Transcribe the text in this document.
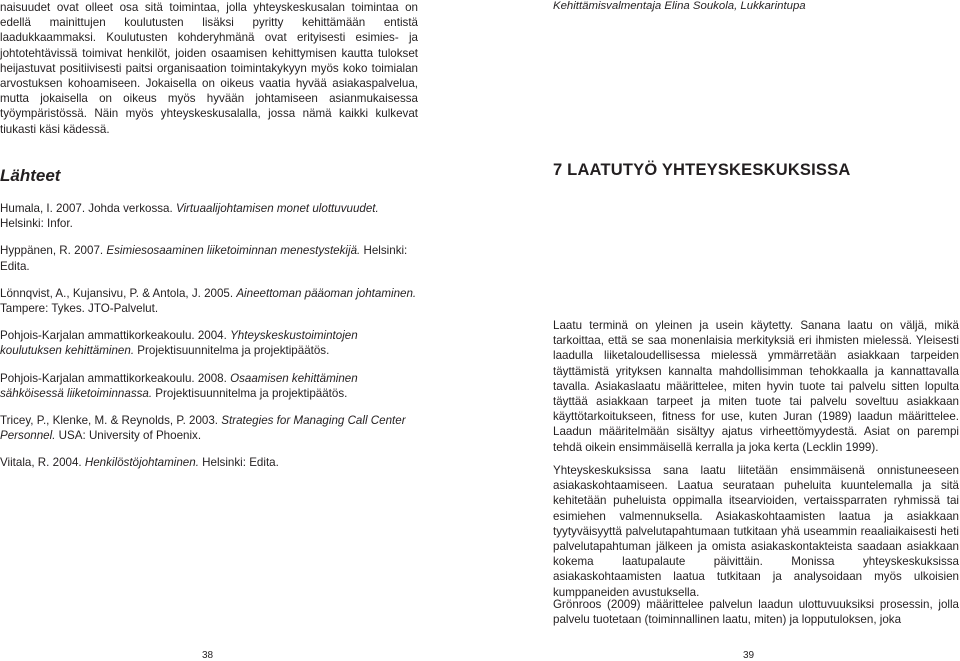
naisuudet ovat olleet osa sitä toimintaa, jolla yhteyskeskusalan toimintaa on edellä mainittujen koulutusten lisäksi pyritty kehittämään entistä laadukkaammaksi. Koulutusten kohderyhmänä ovat erityisesti esimies- ja johtotehtävissä toimivat henkilöt, joiden osaamisen kehittymisen kautta tulokset heijastuvat positiivisesti paitsi organisaation toimintakykyyn myös koko toimialan arvostuksen kohoamiseen. Jokaisella on oikeus vaatia hyvää asiakaspalvelua, mutta jokaisella on oikeus myös hyvään johtamiseen asianmukaisessa työympäristössä. Näin myös yhteyskeskusalalla, jossa nämä kaikki kulkevat tiukasti käsi kädessä.

Lähteet

Humala, I. 2007. Johda verkossa. Virtuaalijohtamisen monet ulottuvuudet. Helsinki: Infor.

Hyppänen, R. 2007. Esimiesosaaminen liiketoiminnan menestystekijä. Helsinki: Edita.

Lönnqvist, A., Kujansivu, P. & Antola, J. 2005. Aineettoman pääoman johtaminen. Tampere: Tykes. JTO-Palvelut.

Pohjois-Karjalan ammattikorkeakoulu. 2004. Yhteyskeskustoimintojen koulutuksen kehittäminen. Projektisuunnitelma ja projektipäätös.

Pohjois-Karjalan ammattikorkeakoulu. 2008. Osaamisen kehittäminen sähköisessä liiketoiminnassa. Projektisuunnitelma ja projektipäätös.

Tricey, P., Klenke, M. & Reynolds, P. 2003. Strategies for Managing Call Center Personnel. USA: University of Phoenix.

Viitala, R. 2004. Henkilöstöjohtaminen. Helsinki: Edita.

38

Kehittämisvalmentaja Elina Soukola, Lukkarintupa

7 LAATUTYÖ YHTEYSKESKUKSISSA

Laatu terminä on yleinen ja usein käytetty. Sanana laatu on väljä, mikä tarkoittaa, että se saa monenlaisia merkityksiä eri ihmisten mielessä. Yleisesti laadulla liiketaloudellisessa mielessä ymmärretään asiakkaan tarpeiden täyttämistä yrityksen kannalta mahdollisimman tehokkaalla ja kannattavalla tavalla. Asiakaslaatu määrittelee, miten hyvin tuote tai palvelu sitten lopulta täyttää asiakkaan tarpeet ja miten tuote tai palvelu soveltuu asiakkaan käyttötarkoitukseen, fitness for use, kuten Juran (1989) laadun määrittelee. Laadun määritelmään sisältyy ajatus virheettömyydestä. Asiat on parempi tehdä oikein ensimmäisellä kerralla ja joka kerta (Lecklin 1999).

Yhteyskeskuksissa sana laatu liitetään ensimmäisenä onnistuneeseen asiakaskohtaamiseen. Laatua seurataan puheluita kuuntelemalla ja sitä kehitetään puheluista oppimalla itsearvioiden, vertaissparraten ryhmissä tai esimiehen valmennuksella. Asiakaskohtaamisten laatua ja asiakkaan tyytyväisyyttä palvelutapahtumaan tutkitaan yhä useammin reaaliaikaisesti heti palvelutapahtuman jälkeen ja omista asiakaskontakteista saadaan asiakkaan kokema laatupalaute päivittäin. Monissa yhteyskeskuksissa asiakaskohtaamisten laatua tutkitaan ja analysoidaan myös ulkoisien kumppaneiden avustuksella.

Grönroos (2009) määrittelee palvelun laadun ulottuvuuksiksi prosessin, jolla palvelu tuotetaan (toiminnallinen laatu, miten) ja lopputuloksen, joka

39
